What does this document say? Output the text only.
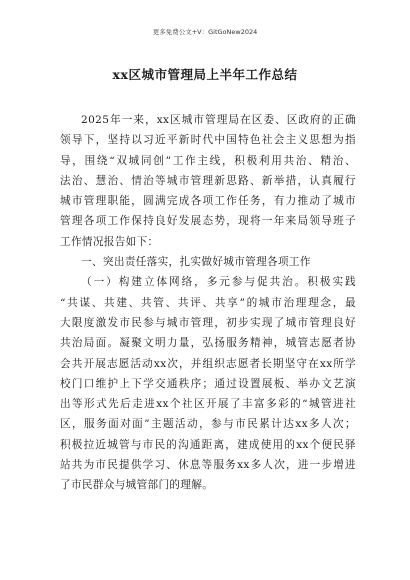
更多免费公文+V：GitGoNew2024
xx区城市管理局上半年工作总结
2025年一来，xx区城市管理局在区委、区政府的正确
领导下，坚持以习近平新时代中国特色社会主义思想为指
导，围绕“双城同创”工作主线，积极利用共治、精治、
法治、慧治、情治等城市管理新思路、新举措，认真履行
城市管理职能，圆满完成各项工作任务，有力推动了城市
管理各项工作保持良好发展态势，现将一年来局领导班子
工作情况报告如下：
一、突出责任落实，扎实做好城市管理各项工作
（一）构建立体网络，多元参与促共治。积极实践
“共谋、共建、共管、共评、共享”的城市治理理念，最
大限度激发市民参与城市管理，初步实现了城市管理良好
共治局面。凝聚文明力量，弘扬服务精神，城管志愿者协
会共开展志愿活动xx次，并组织志愿者长期坚守在xx所学
校门口维护上下学交通秩序；通过设置展板、举办文艺演
出等形式先后走进xx个社区开展了丰富多彩的“城管进社
区，服务面对面”主题活动，参与市民累计达xx多人次；
积极拉近城管与市民的沟通距离，建成使用的xx个便民驿
站共为市民提供学习、休息等服务xx多人次，进一步增进
了市民群众与城管部门的理解。
